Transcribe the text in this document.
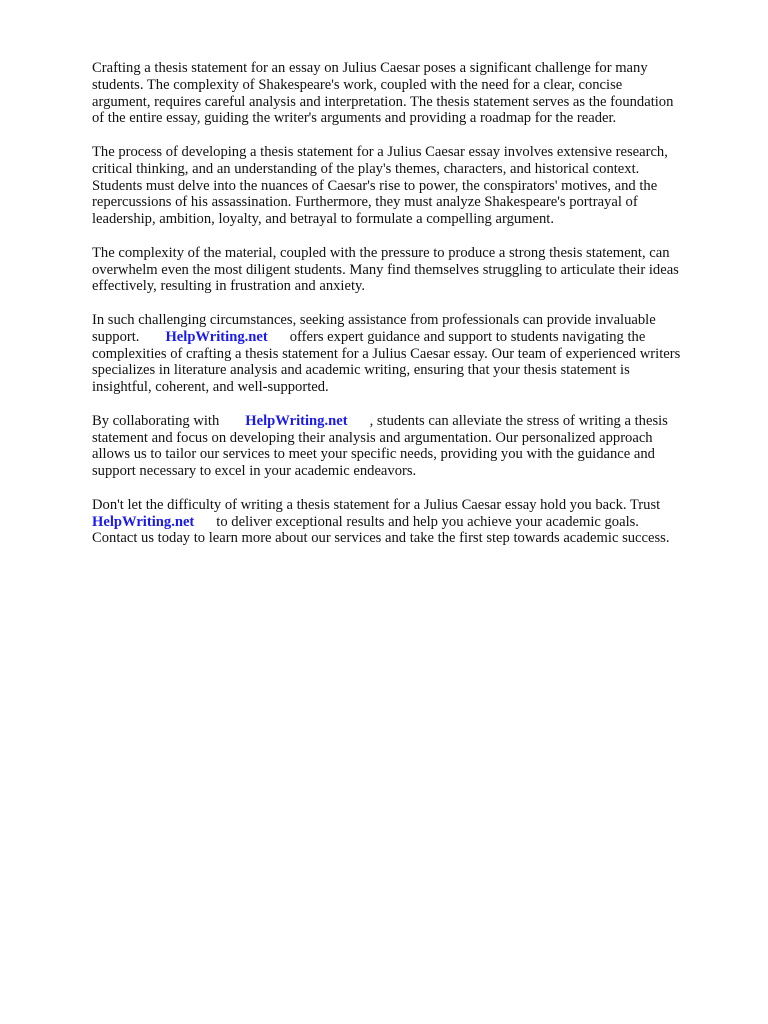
Crafting a thesis statement for an essay on Julius Caesar poses a significant challenge for many
students. The complexity of Shakespeare's work, coupled with the need for a clear, concise
argument, requires careful analysis and interpretation. The thesis statement serves as the foundation
of the entire essay, guiding the writer's arguments and providing a roadmap for the reader.

The process of developing a thesis statement for a Julius Caesar essay involves extensive research,
critical thinking, and an understanding of the play's themes, characters, and historical context.
Students must delve into the nuances of Caesar's rise to power, the conspirators' motives, and the
repercussions of his assassination. Furthermore, they must analyze Shakespeare's portrayal of
leadership, ambition, loyalty, and betrayal to formulate a compelling argument.

The complexity of the material, coupled with the pressure to produce a strong thesis statement, can
overwhelm even the most diligent students. Many find themselves struggling to articulate their ideas
effectively, resulting in frustration and anxiety.

In such challenging circumstances, seeking assistance from professionals can provide invaluable
support. HelpWriting.net offers expert guidance and support to students navigating the
complexities of crafting a thesis statement for a Julius Caesar essay. Our team of experienced writers
specializes in literature analysis and academic writing, ensuring that your thesis statement is
insightful, coherent, and well-supported.

By collaborating with HelpWriting.net , students can alleviate the stress of writing a thesis
statement and focus on developing their analysis and argumentation. Our personalized approach
allows us to tailor our services to meet your specific needs, providing you with the guidance and
support necessary to excel in your academic endeavors.

Don't let the difficulty of writing a thesis statement for a Julius Caesar essay hold you back. Trust
HelpWriting.net to deliver exceptional results and help you achieve your academic goals.
Contact us today to learn more about our services and take the first step towards academic success.
